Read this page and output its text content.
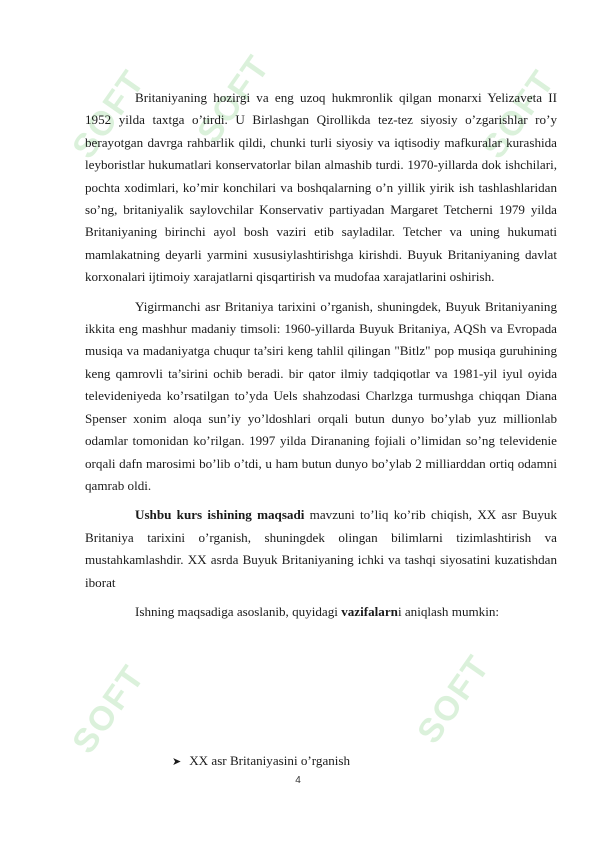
SOFT SOFT	SOFT
SOFT	SOFT

Britaniyaning hozirgi va eng uzoq hukmronlik qilgan monarxi Yelizaveta II 1952 yilda taxtga o’tirdi. U Birlashgan Qirollikda tez-tez siyosiy o’zgarishlar ro’y berayotgan davrga rahbarlik qildi, chunki turli siyosiy va iqtisodiy mafkuralar kurashida leyboristlar hukumatlari konservatorlar bilan almashib turdi. 1970-yillarda dok ishchilari, pochta xodimlari, ko’mir konchilari va boshqalarning o’n yillik yirik ish tashlashlaridan so’ng, britaniyalik saylovchilar Konservativ partiyadan Margaret Tetcherni 1979 yilda Britaniyaning birinchi ayol bosh vaziri etib sayladilar. Tetcher va uning hukumati mamlakatning deyarli yarmini xususiylashtirishga kirishdi. Buyuk Britaniyaning davlat korxonalari ijtimoiy xarajatlarni qisqartirish va mudofaa xarajatlarini oshirish.

Yigirmanchi asr Britaniya tarixini o’rganish, shuningdek, Buyuk Britaniyaning ikkita eng mashhur madaniy timsoli: 1960-yillarda Buyuk Britaniya, AQSh va Evropada musiqa va madaniyatga chuqur ta’siri keng tahlil qilingan "Bitlz" pop musiqa guruhining keng qamrovli ta’sirini ochib beradi. bir qator ilmiy tadqiqotlar va 1981-yil iyul oyida televideniyeda ko’rsatilgan to’yda Uels shahzodasi Charlzga turmushga chiqqan Diana Spenser xonim aloqa sun’iy yo’ldoshlari orqali butun dunyo bo’ylab yuz millionlab odamlar tomonidan ko’rilgan. 1997 yilda Dirananing fojiali o’limidan so’ng televidenie orqali dafn marosimi bo’lib o’tdi, u ham butun dunyo bo’ylab 2 milliarddan ortiq odamni qamrab oldi.

Ushbu kurs ishining maqsadi mavzuni to’liq ko’rib chiqish, XX asr Buyuk Britaniya tarixini o’rganish, shuningdek olingan bilimlarni tizimlashtirish va mustahkamlashdir. XX asrda Buyuk Britaniyaning ichki va tashqi siyosatini kuzatishdan iborat

Ishning maqsadiga asoslanib, quyidagi vazifalarni aniqlash mumkin:

➤ XX asr Britaniyasini o’rganish
4
